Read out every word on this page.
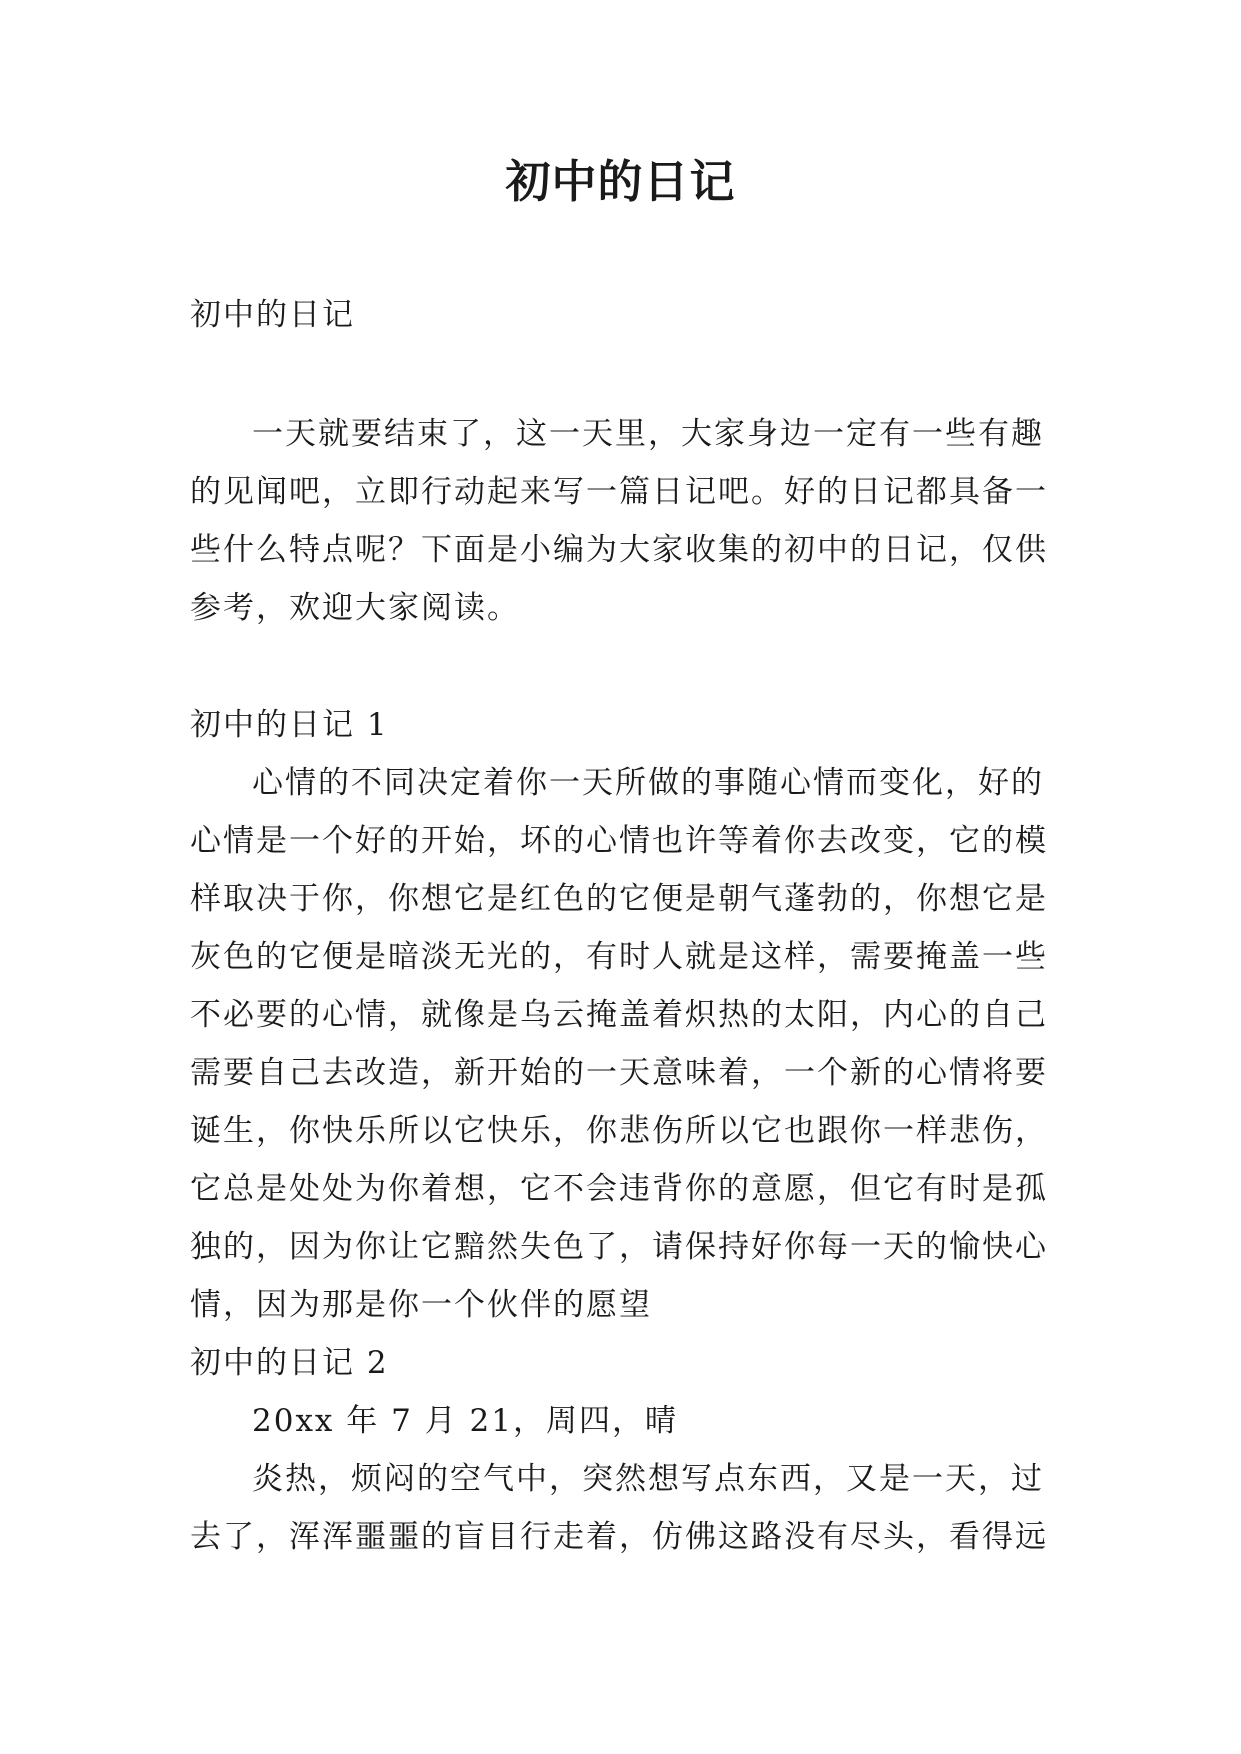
初中的日记
初中的日记
一天就要结束了，这一天里，大家身边一定有一些有趣
的见闻吧，立即行动起来写一篇日记吧。好的日记都具备一
些什么特点呢？下面是小编为大家收集的初中的日记，仅供
参考，欢迎大家阅读。
初中的日记 1
心情的不同决定着你一天所做的事随心情而变化，好的
心情是一个好的开始，坏的心情也许等着你去改变，它的模
样取决于你，你想它是红色的它便是朝气蓬勃的，你想它是
灰色的它便是暗淡无光的，有时人就是这样，需要掩盖一些
不必要的心情，就像是乌云掩盖着炽热的太阳，内心的自己
需要自己去改造，新开始的一天意味着，一个新的心情将要
诞生，你快乐所以它快乐，你悲伤所以它也跟你一样悲伤，
它总是处处为你着想，它不会违背你的意愿，但它有时是孤
独的，因为你让它黯然失色了，请保持好你每一天的愉快心
情，因为那是你一个伙伴的愿望
初中的日记 2
20xx 年 7 月 21，周四，晴
炎热，烦闷的空气中，突然想写点东西，又是一天，过
去了，浑浑噩噩的盲目行走着，仿佛这路没有尽头，看得远
